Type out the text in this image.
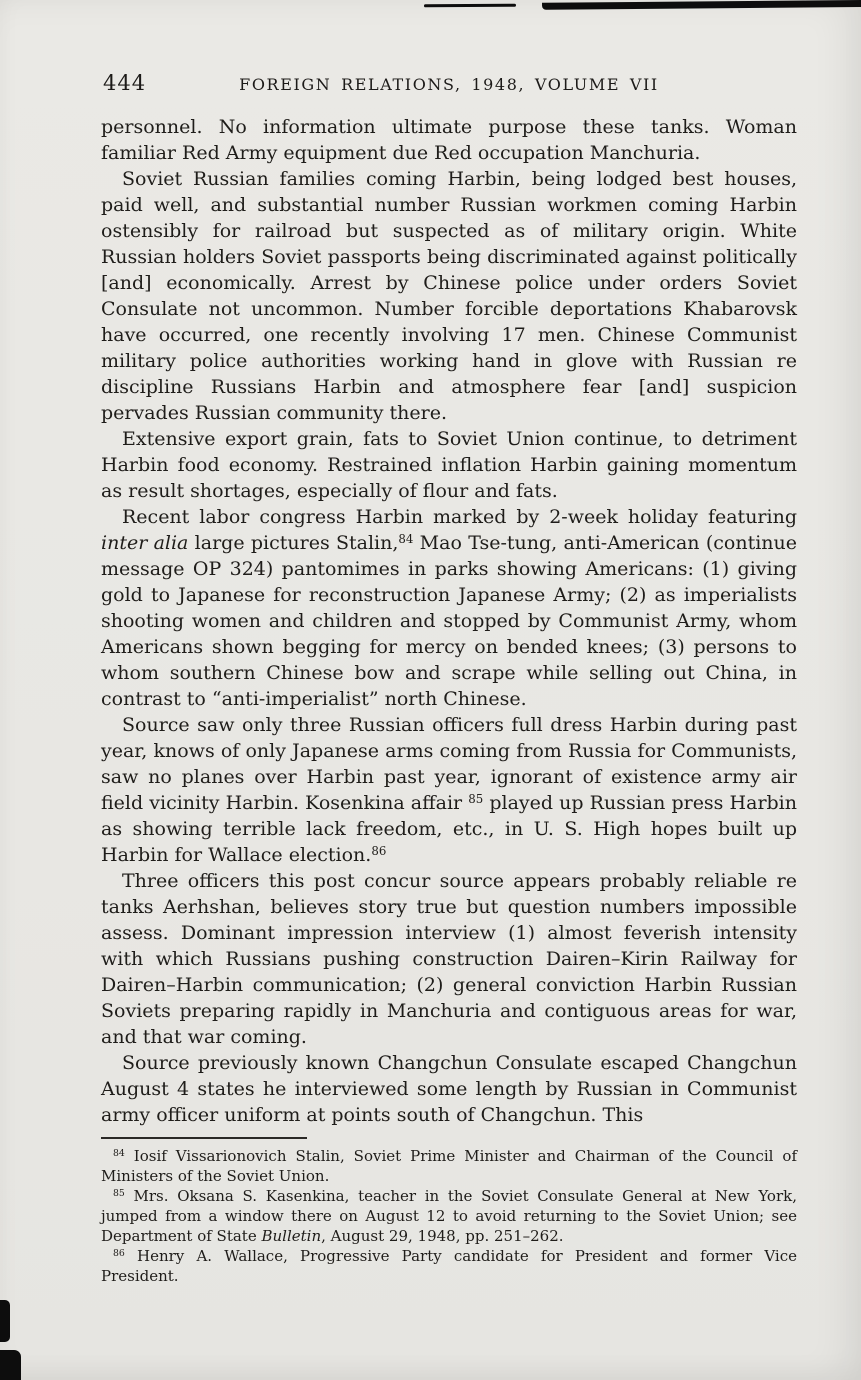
444	FOREIGN RELATIONS, 1948, VOLUME VII

personnel. No information ultimate purpose these tanks. Woman familiar Red Army equipment due Red occupation Manchuria.

Soviet Russian families coming Harbin, being lodged best houses, paid well, and substantial number Russian workmen coming Harbin ostensibly for railroad but suspected as of military origin. White Russian holders Soviet passports being discriminated against politically [and] economically. Arrest by Chinese police under orders Soviet Consulate not uncommon. Number forcible deportations Khabarovsk have occurred, one recently involving 17 men. Chinese Communist military police authorities working hand in glove with Russian re discipline Russians Harbin and atmosphere fear [and] suspicion pervades Russian community there.

Extensive export grain, fats to Soviet Union continue, to detriment Harbin food economy. Restrained inflation Harbin gaining momentum as result shortages, especially of flour and fats.

Recent labor congress Harbin marked by 2-week holiday featuring inter alia large pictures Stalin,$^{84}$ Mao Tse-tung, anti-American (continue message OP 324) pantomimes in parks showing Americans: (1) giving gold to Japanese for reconstruction Japanese Army; (2) as imperialists shooting women and children and stopped by Communist Army, whom Americans shown begging for mercy on bended knees; (3) persons to whom southern Chinese bow and scrape while selling out China, in contrast to “anti-imperialist” north Chinese.

Source saw only three Russian officers full dress Harbin during past year, knows of only Japanese arms coming from Russia for Communists, saw no planes over Harbin past year, ignorant of existence army air field vicinity Harbin. Kosenkina affair $^{85}$ played up Russian press Harbin as showing terrible lack freedom, etc., in U. S. High hopes built up Harbin for Wallace election.$^{86}$

Three officers this post concur source appears probably reliable re tanks Aerhshan, believes story true but question numbers impossible assess. Dominant impression interview (1) almost feverish intensity with which Russians pushing construction Dairen–Kirin Railway for Dairen–Harbin communication; (2) general conviction Harbin Russian Soviets preparing rapidly in Manchuria and contiguous areas for war, and that war coming.

Source previously known Changchun Consulate escaped Changchun August 4 states he interviewed some length by Russian in Communist army officer uniform at points south of Changchun. This

$^{84}$ Iosif Vissarionovich Stalin, Soviet Prime Minister and Chairman of the Council of Ministers of the Soviet Union.

$^{85}$ Mrs. Oksana S. Kasenkina, teacher in the Soviet Consulate General at New York, jumped from a window there on August 12 to avoid returning to the Soviet Union; see Department of State Bulletin, August 29, 1948, pp. 251–262.

$^{86}$ Henry A. Wallace, Progressive Party candidate for President and former Vice President.
